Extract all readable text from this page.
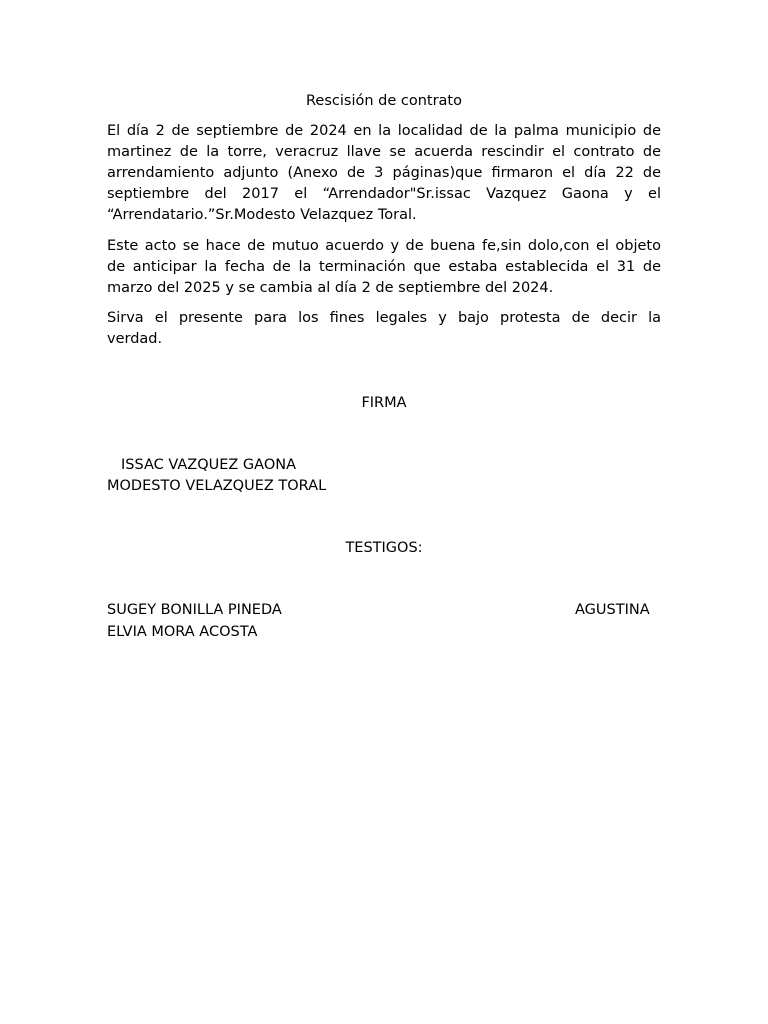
Rescisión de contrato

El día 2 de septiembre de 2024 en la localidad de la palma municipio de
martinez de la torre, veracruz llave se acuerda rescindir el contrato de
arrendamiento adjunto (Anexo de 3 páginas)que firmaron el día 22 de
septiembre del 2017 el “Arrendador"Sr.issac Vazquez Gaona y el
“Arrendatario.”Sr.Modesto Velazquez Toral.

Este acto se hace de mutuo acuerdo y de buena fe,sin dolo,con el objeto
de anticipar la fecha de la terminación que estaba establecida el 31 de
marzo del 2025 y se cambia al día 2 de septiembre del 2024.

Sirva el presente para los fines legales y bajo protesta de decir la
verdad.

FIRMA
ISSAC VAZQUEZ GAONA
MODESTO VELAZQUEZ TORAL
TESTIGOS:
SUGEY BONILLA PINEDA	AGUSTINA
ELVIA MORA ACOSTA
